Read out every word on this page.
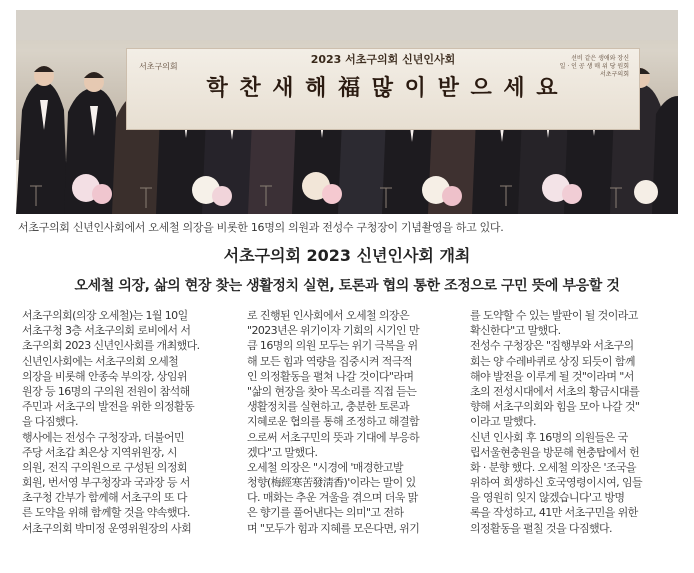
서초구의회
2023 서초구의회 신년인사회
학 찬 새 해 福 많 이 받 으 세 요
선비 같은 생애와 장신
일 · 인 공 생 매 위 당 원회
서초구의회
서초구의회 신년인사회에서 오세철 의장을 비롯한 16명의 의원과 전성수 구청장이 기념촬영을 하고 있다.
서초구의회 2023 신년인사회 개최
오세철 의장, 삶의 현장 찾는 생활정치 실현, 토론과 협의 통한 조정으로 구민 뜻에 부응할 것
서초구의회(의장 오세철)는 1월 10일
서초구청 3층 서초구의회 로비에서 서
초구의회 2023 신년인사회를 개최했다.
신년인사회에는 서초구의회 오세철
의장을 비롯해 안종숙 부의장, 상임위
원장 등 16명의 구의원 전원이 참석해
주민과 서초구의 발전을 위한 의정활동
을 다짐했다.
행사에는 전성수 구청장과, 더불어민
주당 서초갑 최은상 지역위원장, 시
의원, 전직 구의원으로 구성된 의정회
회원, 번서영 부구청장과 국과장 등 서
초구청 간부가 함께해 서초구의 또 다
른 도약을 위해 함께할 것을 약속했다.
서초구의회 박미정 운영위원장의 사회
로 진행된 인사회에서 오세철 의장은
"2023년은 위기이자 기회의 시기인 만
큼 16명의 의원 모두는 위기 극복을 위
해 모든 힘과 역량을 집중시켜 적극적
인 의정활동을 펼쳐 나갈 것이다"라며
"삶의 현장을 찾아 목소리를 직접 듣는
생활정치를 실현하고, 충분한 토론과
지혜로운 협의를 통해 조정하고 해결함
으로써 서초구민의 뜻과 기대에 부응하
겠다"고 말했다.
오세철 의장은 "시경에 '매경한고발
청향(梅經寒苦發淸香)'이라는 말이 있
다. 매화는 추운 겨울을 겪으며 더욱 맑
은 향기를 풀어낸다는 의미"고 전하
며 "모두가 힘과 지혜를 모은다면, 위기
를 도약할 수 있는 발판이 될 것이라고
확신한다"고 말했다.
전성수 구청장은 "집행부와 서초구의
회는 양 수레바퀴로 상징 되듯이 함께
해야 발전을 이루게 될 것"이라며 "서
초의 전성시대에서 서초의 황금시대를
향해 서초구의회와 힘을 모아 나갈 것"
이라고 말했다.
신년 인사회 후 16명의 의원들은 국
립서울현충원을 방문해 현충탑에서 헌
화 · 분향 했다. 오세철 의장은 '조국을
위하여 희생하신 호국영령이시여, 임들
을 영원히 잊지 않겠습니다'고 방명
록을 작성하고, 41만 서초구민을 위한
의정활동을 펼칠 것을 다짐했다.
